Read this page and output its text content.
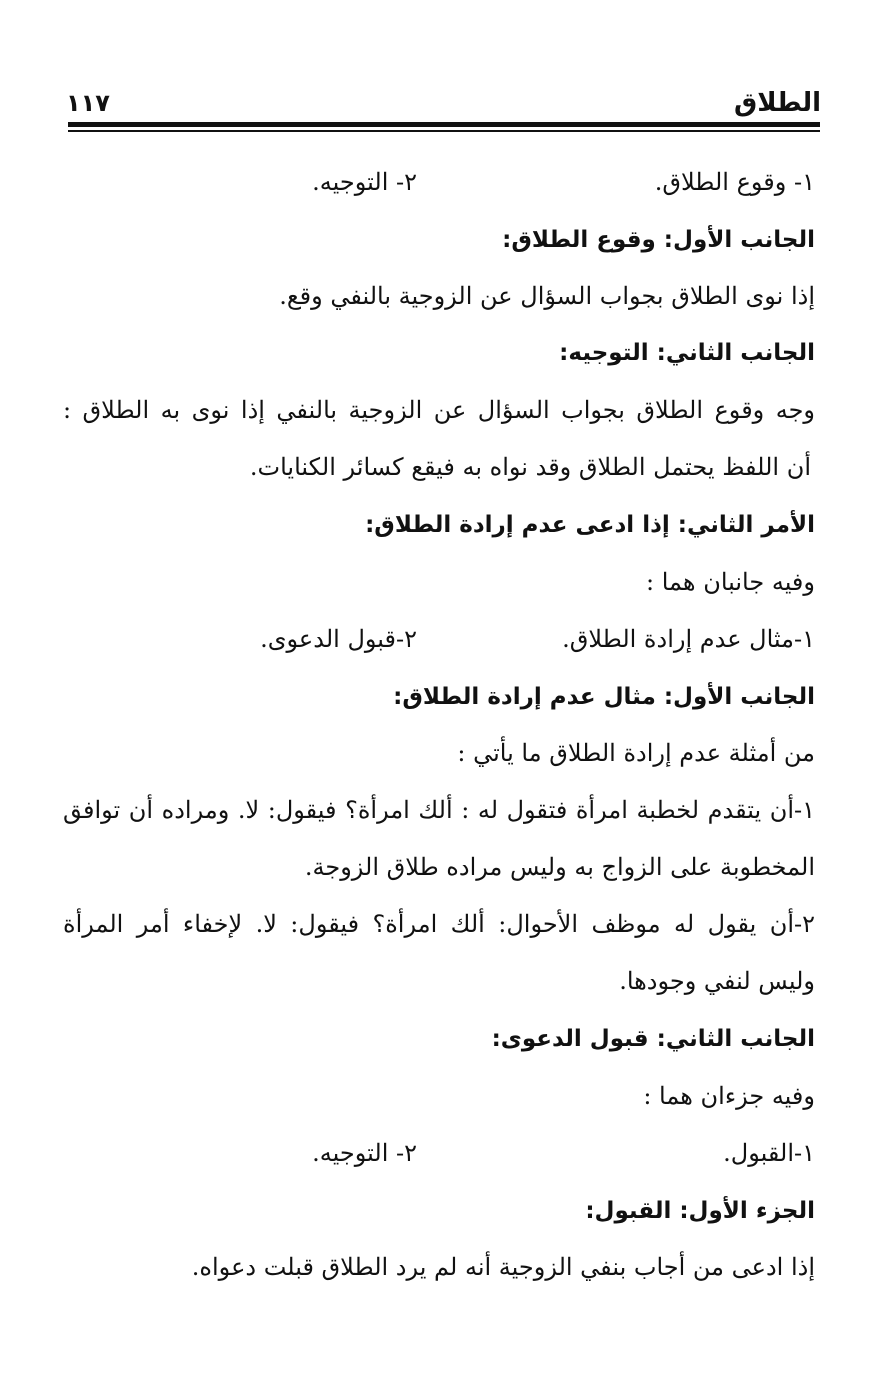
الطلاق
١١٧
١- وقوع الطلاق.
٢- التوجيه.
الجانب الأول: وقوع الطلاق:
إذا نوى الطلاق بجواب السؤال عن الزوجية بالنفي وقع.
الجانب الثاني: التوجيه:
وجه وقوع الطلاق بجواب السؤال عن الزوجية بالنفي إذا نوى به الطلاق :
أن اللفظ يحتمل الطلاق وقد نواه به فيقع كسائر الكنايات.
الأمر الثاني: إذا ادعى عدم إرادة الطلاق:
وفيه جانبان هما :
١-مثال عدم إرادة الطلاق.
٢-قبول الدعوى.
الجانب الأول: مثال عدم إرادة الطلاق:
من أمثلة عدم إرادة الطلاق ما يأتي :
١-أن يتقدم لخطبة امرأة فتقول له : ألك امرأة؟ فيقول: لا. ومراده أن توافق
المخطوبة على الزواج به وليس مراده طلاق الزوجة.
٢-أن يقول له موظف الأحوال: ألك امرأة؟ فيقول: لا. لإخفاء أمر المرأة
وليس لنفي وجودها.
الجانب الثاني: قبول الدعوى:
وفيه جزءان هما :
١-القبول.
٢- التوجيه.
الجزء الأول: القبول:
إذا ادعى من أجاب بنفي الزوجية أنه لم يرد الطلاق قبلت دعواه.
